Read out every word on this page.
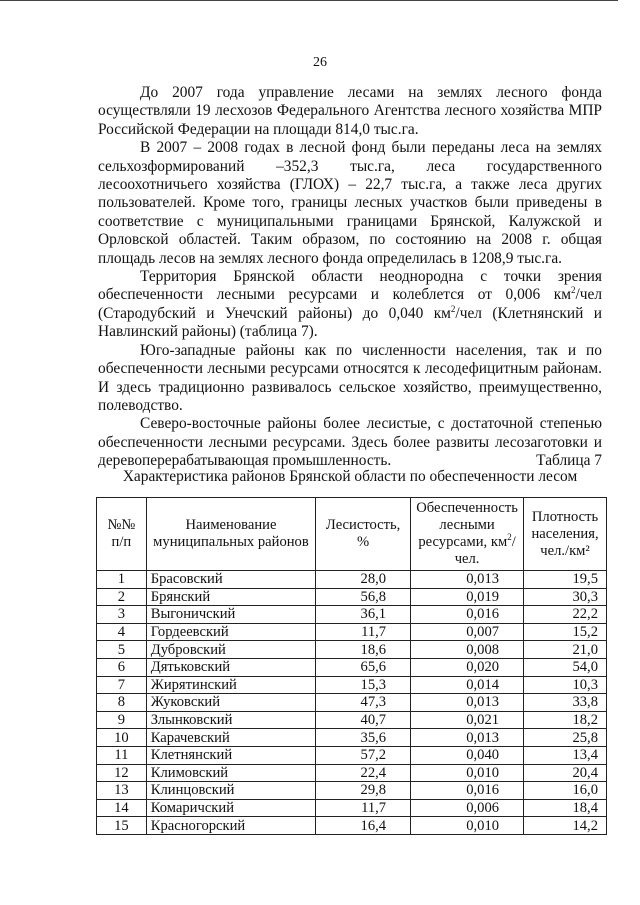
26

До 2007 года управление лесами на землях лесного фонда осуществляли 19 лесхозов Федерального Агентства лесного хозяйства МПР Российской Федерации на площади 814,0 тыс.га.

В 2007 – 2008 годах в лесной фонд были переданы леса на землях сельхозформирований –352,3 тыс.га, леса государственного лесоохотничьего хозяйства (ГЛОХ) – 22,7 тыс.га, а также леса других пользователей. Кроме того, границы лесных участков были приведены в соответствие с муниципальными границами Брянской, Калужской и Орловской областей. Таким образом, по состоянию на 2008 г. общая площадь лесов на землях лесного фонда определилась в 1208,9 тыс.га.

Территория Брянской области неоднородна с точки зрения обеспеченности лесными ресурсами и колеблется от 0,006 $км^2$/чел (Стародубский и Унечский районы) до 0,040 $км^2$/чел (Клетнянский и Навлинский районы) (таблица 7).

Юго-западные районы как по численности населения, так и по обеспеченности лесными ресурсами относятся к лесодефицитным районам. И здесь традиционно развивалось сельское хозяйство, преимущественно, полеводство.

Северо-восточные районы более лесистые, с достаточной степенью обеспеченности лесными ресурсами. Здесь более развиты лесозаготовки и деревоперерабатывающая промышленность.	Таблица 7
Характеристика районов Брянской области по обеспеченности лесом
№№ п/п	Наименование муниципальных районов	Лесистость, %	Обеспеченность лесными ресурсами, $км^2$/чел.	Плотность населения, чел./км²
1	Брасовский	28,0	0,013	19,5
2	Брянский	56,8	0,019	30,3
3	Выгоничский	36,1	0,016	22,2
4	Гордеевский	11,7	0,007	15,2
5	Дубровский	18,6	0,008	21,0
6	Дятьковский	65,6	0,020	54,0
7	Жирятинский	15,3	0,014	10,3
8	Жуковский	47,3	0,013	33,8
9	Злынковский	40,7	0,021	18,2
10	Карачевский	35,6	0,013	25,8
11	Клетнянский	57,2	0,040	13,4
12	Климовский	22,4	0,010	20,4
13	Клинцовский	29,8	0,016	16,0
14	Комаричский	11,7	0,006	18,4
15	Красногорский	16,4	0,010	14,2
